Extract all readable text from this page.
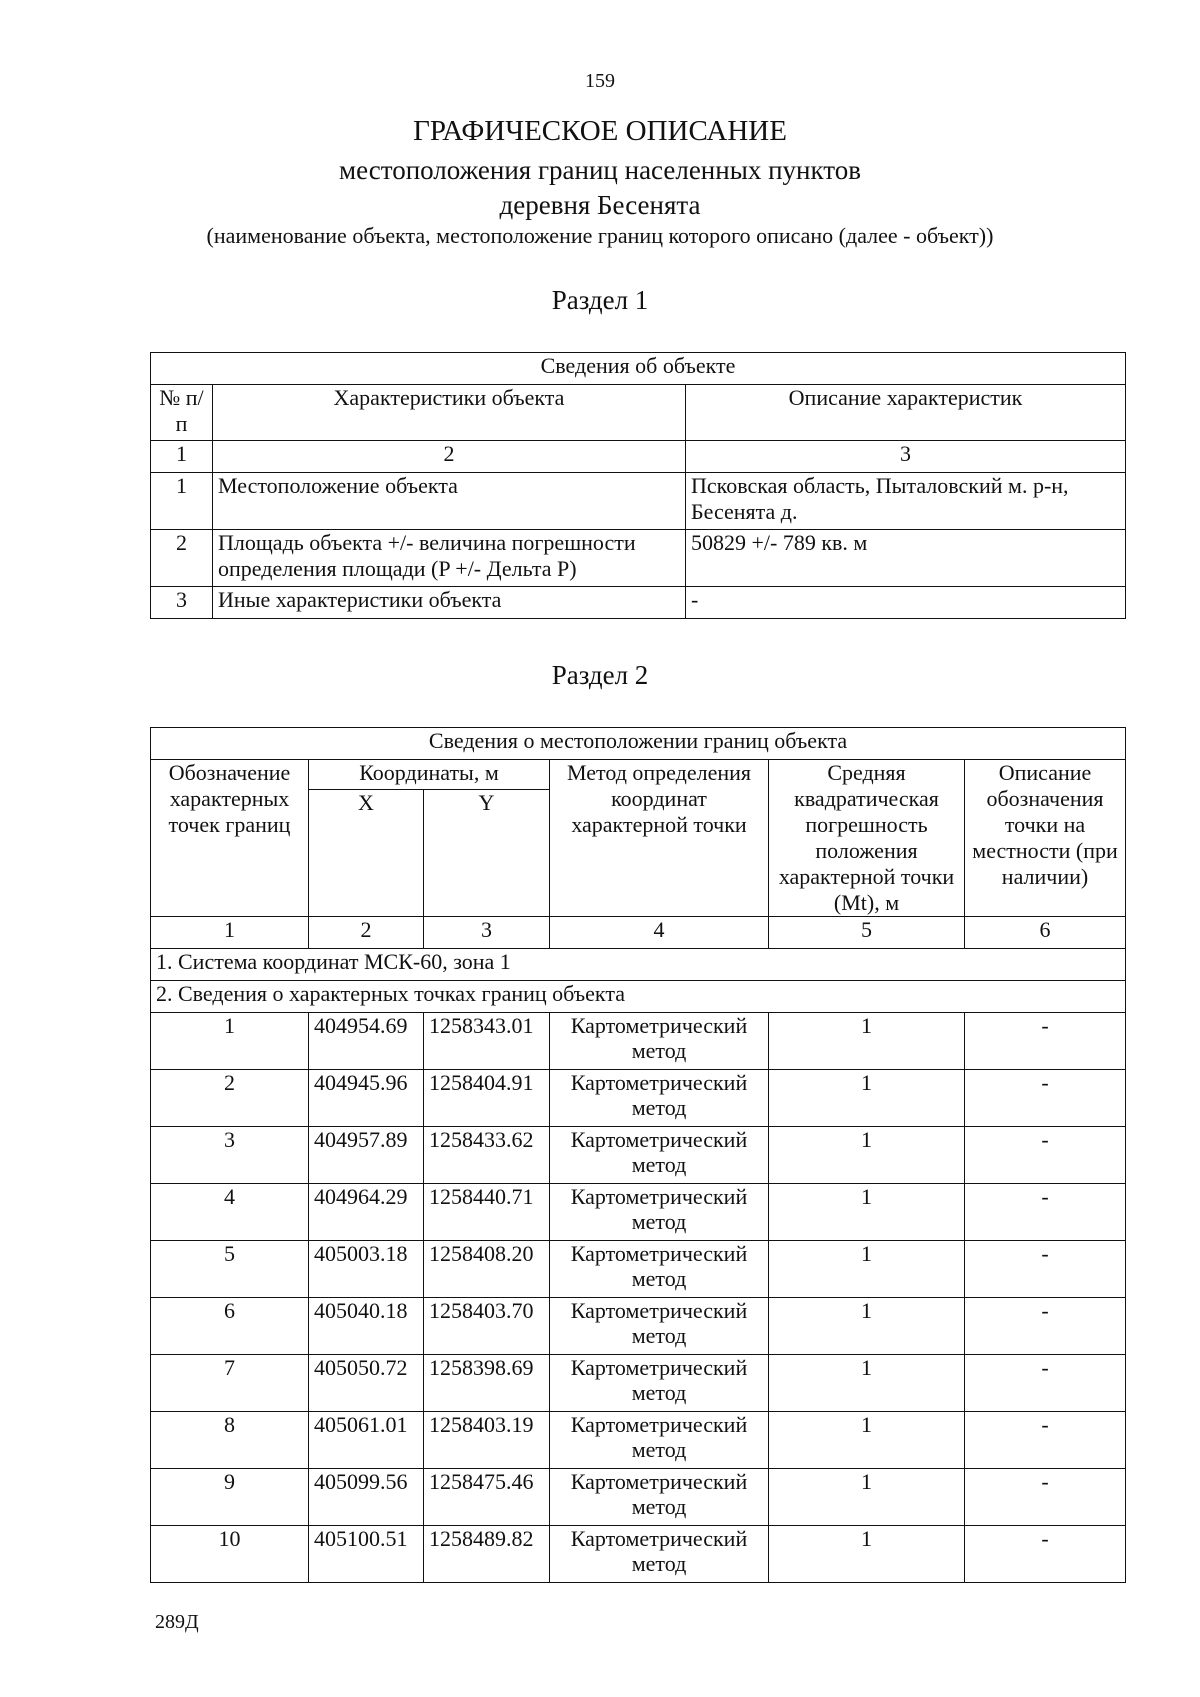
159
ГРАФИЧЕСКОЕ ОПИСАНИЕ
местоположения границ населенных пунктов
деревня Бесенята
(наименование объекта, местоположение границ которого описано (далее - объект))
Раздел 1
Сведения об объекте		
№ п/п	Характеристики объекта	Описание характеристик
1	2	3
1	Местоположение объекта	Псковская область, Пыталовский м. р-н, Бесенята д.
2	Площадь объекта +/- величина погрешности определения площади (P +/- Дельта P)	50829 +/- 789 кв. м
3	Иные характеристики объекта	-
Раздел 2
Сведения о местоположении границ объекта					
Обозначение характерных точек границ	Координаты, м		Метод определения координат характерной точки	Средняя квадратическая погрешность положения характерной точки (Mt), м	Описание обозначения точки на местности (при наличии)
	X	Y			
1	2	3	4	5	6
1. Система координат МСК-60, зона 1					
2. Сведения о характерных точках границ объекта					
1	404954.69	1258343.01	Картометрический метод	1	-
2	404945.96	1258404.91	Картометрический метод	1	-
3	404957.89	1258433.62	Картометрический метод	1	-
4	404964.29	1258440.71	Картометрический метод	1	-
5	405003.18	1258408.20	Картометрический метод	1	-
6	405040.18	1258403.70	Картометрический метод	1	-
7	405050.72	1258398.69	Картометрический метод	1	-
8	405061.01	1258403.19	Картометрический метод	1	-
9	405099.56	1258475.46	Картометрический метод	1	-
10	405100.51	1258489.82	Картометрический метод	1	-
289Д
